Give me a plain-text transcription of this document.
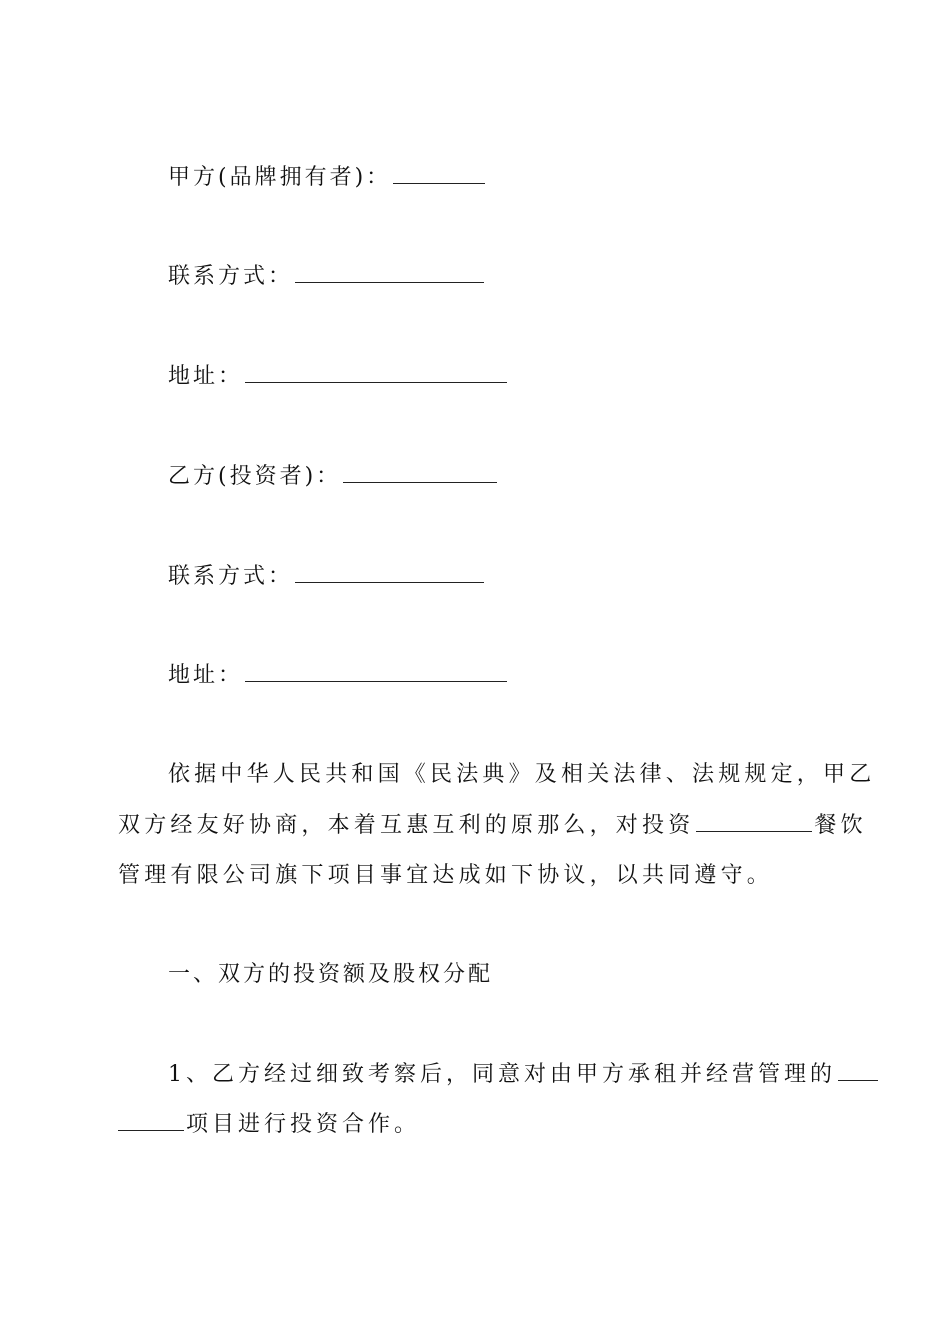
甲方(品牌拥有者)：
联系方式：
地址：
乙方(投资者)：
联系方式：
地址：
依据中华人民共和国《民法典》及相关法律、法规规定，甲乙
双方经友好协商，本着互惠互利的原那么，对投资	餐饮
管理有限公司旗下项目事宜达成如下协议，以共同遵守。
一、双方的投资额及股权分配
1、乙方经过细致考察后，同意对由甲方承租并经营管理的
项目进行投资合作。
